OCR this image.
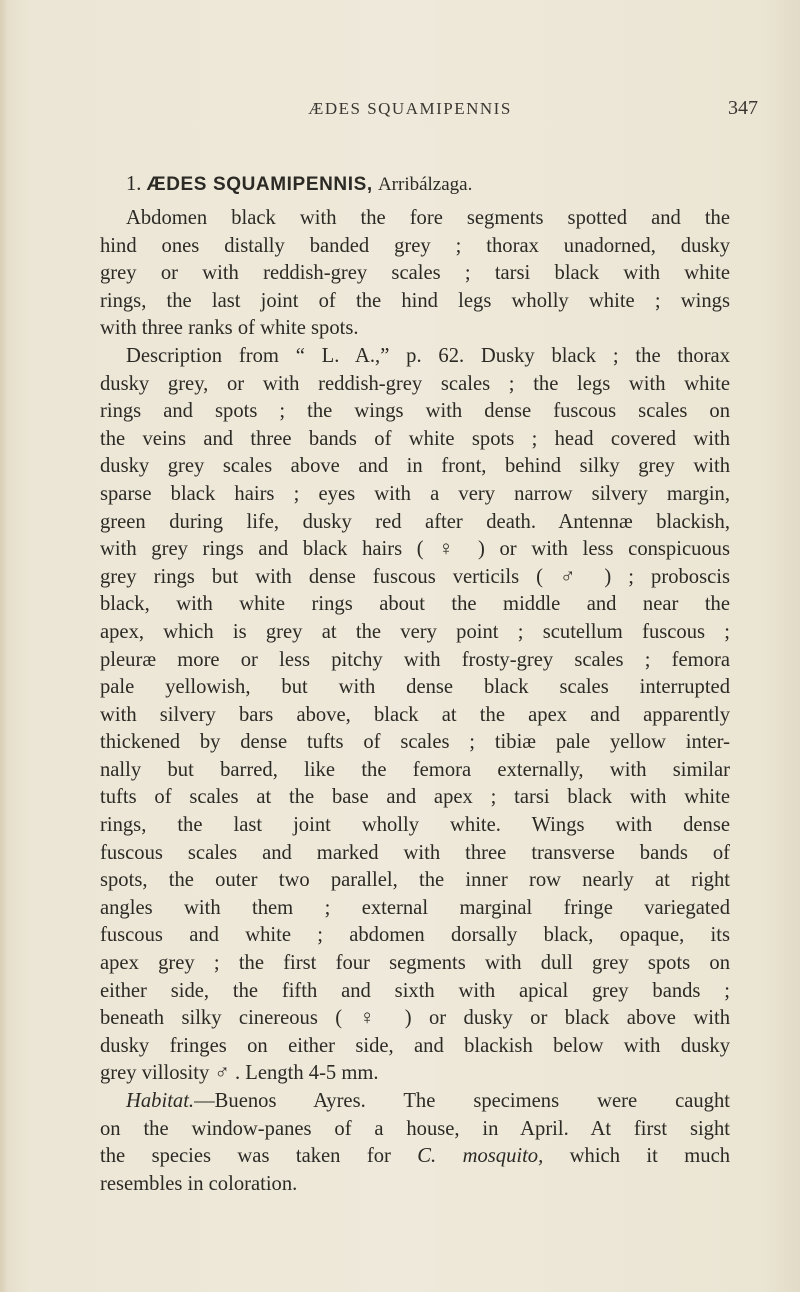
ÆDES SQUAMIPENNIS	347
1. ÆDES SQUAMIPENNIS, Arribálzaga.
Abdomen black with the fore segments spotted and the
hind ones distally banded grey ; thorax unadorned, dusky
grey or with reddish-grey scales ; tarsi black with white
rings, the last joint of the hind legs wholly white ; wings
with three ranks of white spots.
Description from “ L. A.,” p. 62. Dusky black ; the thorax
dusky grey, or with reddish-grey scales ; the legs with white
rings and spots ; the wings with dense fuscous scales on
the veins and three bands of white spots ; head covered with
dusky grey scales above and in front, behind silky grey with
sparse black hairs ; eyes with a very narrow silvery margin,
green during life, dusky red after death. Antennæ blackish,
with grey rings and black hairs ( ♀ ) or with less conspicuous
grey rings but with dense fuscous verticils ( ♂ ) ; proboscis
black, with white rings about the middle and near the
apex, which is grey at the very point ; scutellum fuscous ;
pleuræ more or less pitchy with frosty-grey scales ; femora
pale yellowish, but with dense black scales interrupted
with silvery bars above, black at the apex and apparently
thickened by dense tufts of scales ; tibiæ pale yellow inter-
nally but barred, like the femora externally, with similar
tufts of scales at the base and apex ; tarsi black with white
rings, the last joint wholly white. Wings with dense
fuscous scales and marked with three transverse bands of
spots, the outer two parallel, the inner row nearly at right
angles with them ; external marginal fringe variegated
fuscous and white ; abdomen dorsally black, opaque, its
apex grey ; the first four segments with dull grey spots on
either side, the fifth and sixth with apical grey bands ;
beneath silky cinereous ( ♀ ) or dusky or black above with
dusky fringes on either side, and blackish below with dusky
grey villosity ♂ . Length 4-5 mm.
Habitat.—Buenos Ayres. The specimens were caught
on the window-panes of a house, in April. At first sight
the species was taken for C. mosquito, which it much
resembles in coloration.
